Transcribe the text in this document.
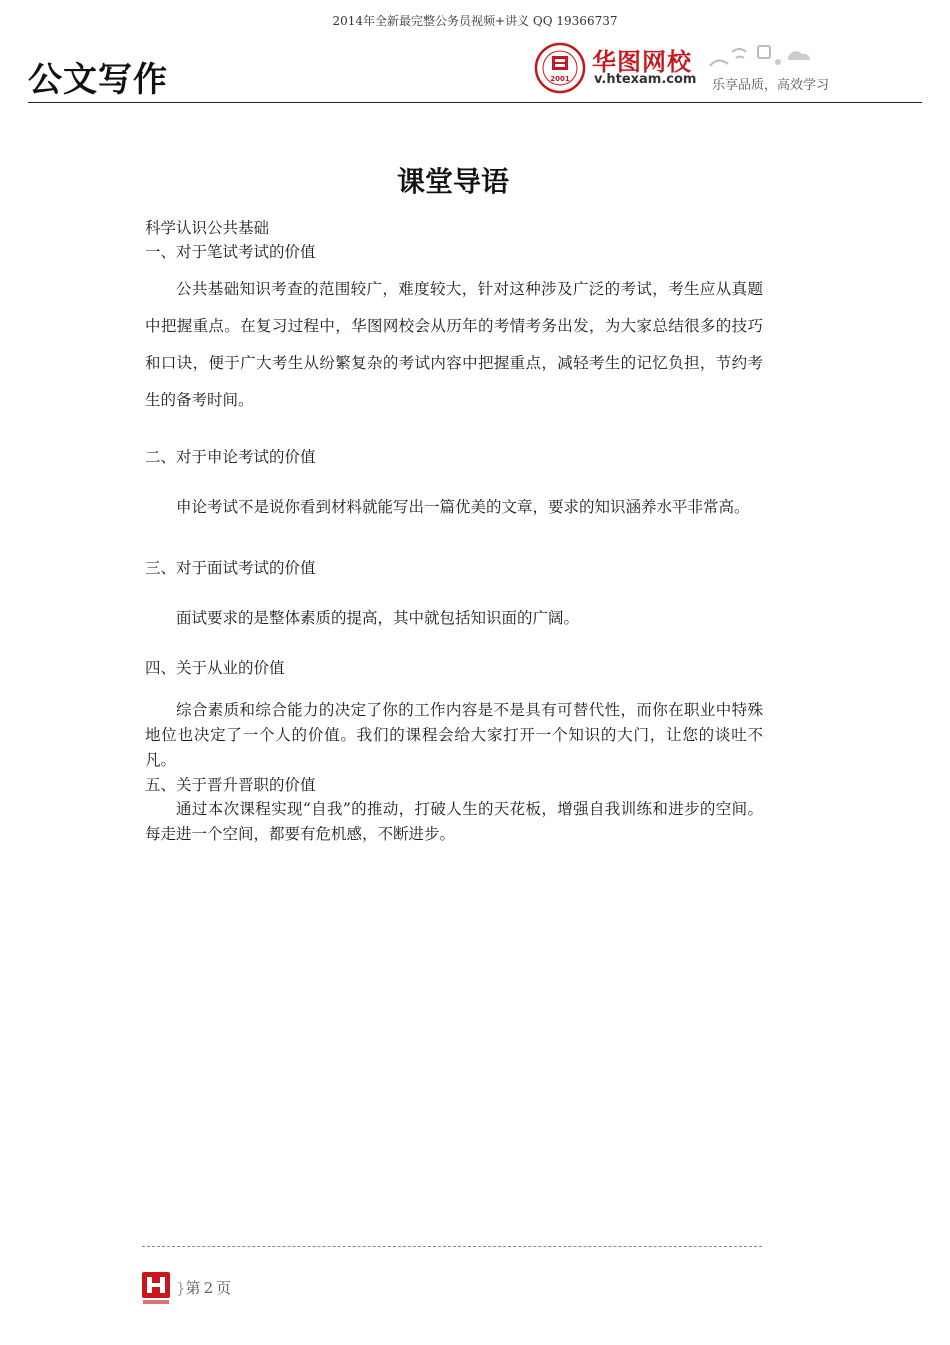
2014年全新最完整公务员视频+讲义 QQ 19366737
公文写作	2001
华图网校
v.htexam.com 乐享品质，高效学习
课堂导语

科学认识公共基础

一、对于笔试考试的价值

公共基础知识考查的范围较广，难度较大，针对这种涉及广泛的考试，考生应从真题中把握重点。在复习过程中，华图网校会从历年的考情考务出发，为大家总结很多的技巧和口诀，便于广大考生从纷繁复杂的考试内容中把握重点，减轻考生的记忆负担，节约考生的备考时间。

二、对于申论考试的价值

申论考试不是说你看到材料就能写出一篇优美的文章，要求的知识涵养水平非常高。

三、对于面试考试的价值

面试要求的是整体素质的提高，其中就包括知识面的广阔。

四、关于从业的价值

综合素质和综合能力的决定了你的工作内容是不是具有可替代性，而你在职业中特殊地位也决定了一个人的价值。我们的课程会给大家打开一个知识的大门，让您的谈吐不凡。

五、关于晋升晋职的价值

通过本次课程实现“自我”的推动，打破人生的天花板，增强自我训练和进步的空间。每走进一个空间，都要有危机感，不断进步。

}第 2 页
